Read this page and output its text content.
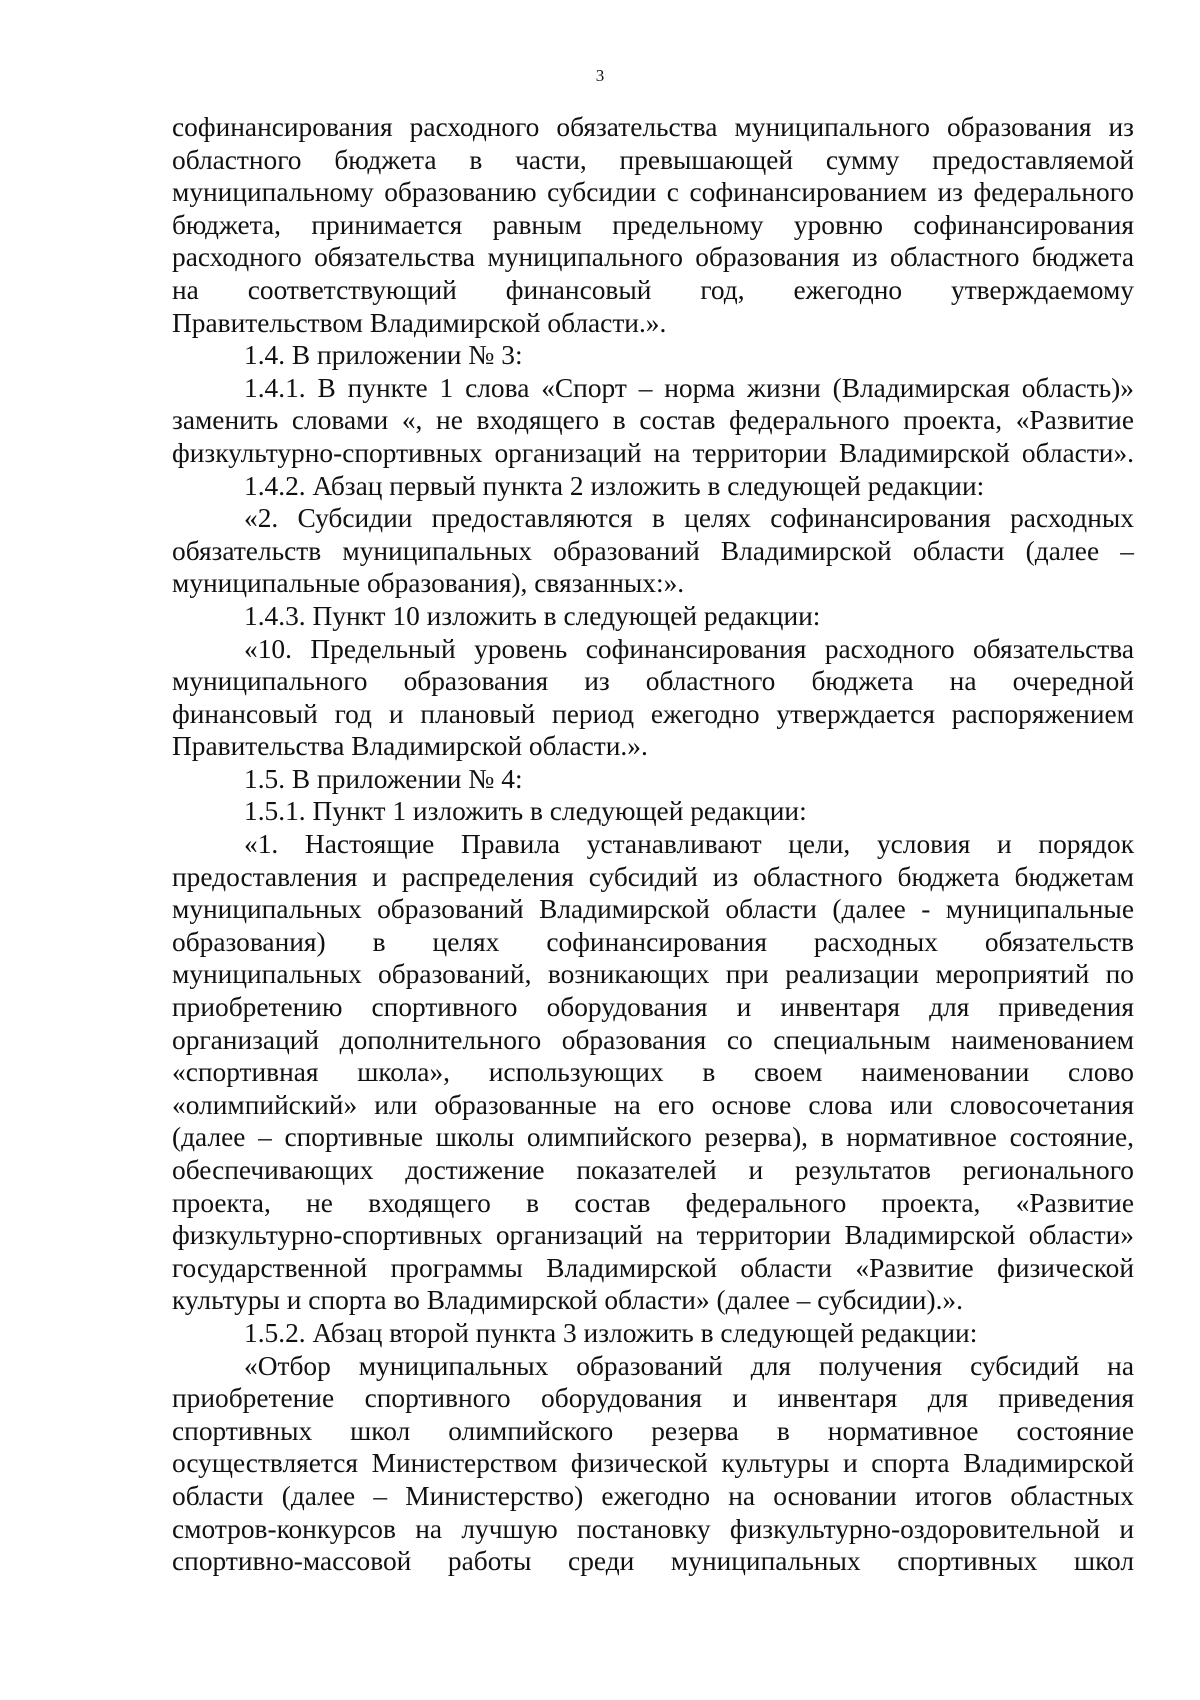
3
софинансирования расходного обязательства муниципального образования из
областного бюджета в части, превышающей сумму предоставляемой
муниципальному образованию субсидии с софинансированием из федерального
бюджета, принимается равным предельному уровню софинансирования
расходного обязательства муниципального образования из областного бюджета
на соответствующий финансовый год, ежегодно утверждаемому
Правительством Владимирской области.».
1.4. В приложении № 3:
1.4.1. В пункте 1 слова «Спорт – норма жизни (Владимирская область)»
заменить словами «, не входящего в состав федерального проекта, «Развитие
физкультурно-спортивных организаций на территории Владимирской области».
1.4.2. Абзац первый пункта 2 изложить в следующей редакции:
«2. Субсидии предоставляются в целях софинансирования расходных
обязательств муниципальных образований Владимирской области (далее –
муниципальные образования), связанных:».
1.4.3. Пункт 10 изложить в следующей редакции:
«10. Предельный уровень софинансирования расходного обязательства
муниципального образования из областного бюджета на очередной
финансовый год и плановый период ежегодно утверждается распоряжением
Правительства Владимирской области.».
1.5. В приложении № 4:
1.5.1. Пункт 1 изложить в следующей редакции:
«1. Настоящие Правила устанавливают цели, условия и порядок
предоставления и распределения субсидий из областного бюджета бюджетам
муниципальных образований Владимирской области (далее - муниципальные
образования) в целях софинансирования расходных обязательств
муниципальных образований, возникающих при реализации мероприятий по
приобретению спортивного оборудования и инвентаря для приведения
организаций дополнительного образования со специальным наименованием
«спортивная школа», использующих в своем наименовании слово
«олимпийский» или образованные на его основе слова или словосочетания
(далее – спортивные школы олимпийского резерва), в нормативное состояние,
обеспечивающих достижение показателей и результатов регионального
проекта, не входящего в состав федерального проекта, «Развитие
физкультурно-спортивных организаций на территории Владимирской области»
государственной программы Владимирской области «Развитие физической
культуры и спорта во Владимирской области» (далее – субсидии).».
1.5.2. Абзац второй пункта 3 изложить в следующей редакции:
«Отбор муниципальных образований для получения субсидий на
приобретение спортивного оборудования и инвентаря для приведения
спортивных школ олимпийского резерва в нормативное состояние
осуществляется Министерством физической культуры и спорта Владимирской
области (далее – Министерство) ежегодно на основании итогов областных
смотров-конкурсов на лучшую постановку физкультурно-оздоровительной и
спортивно-массовой работы среди муниципальных спортивных школ
